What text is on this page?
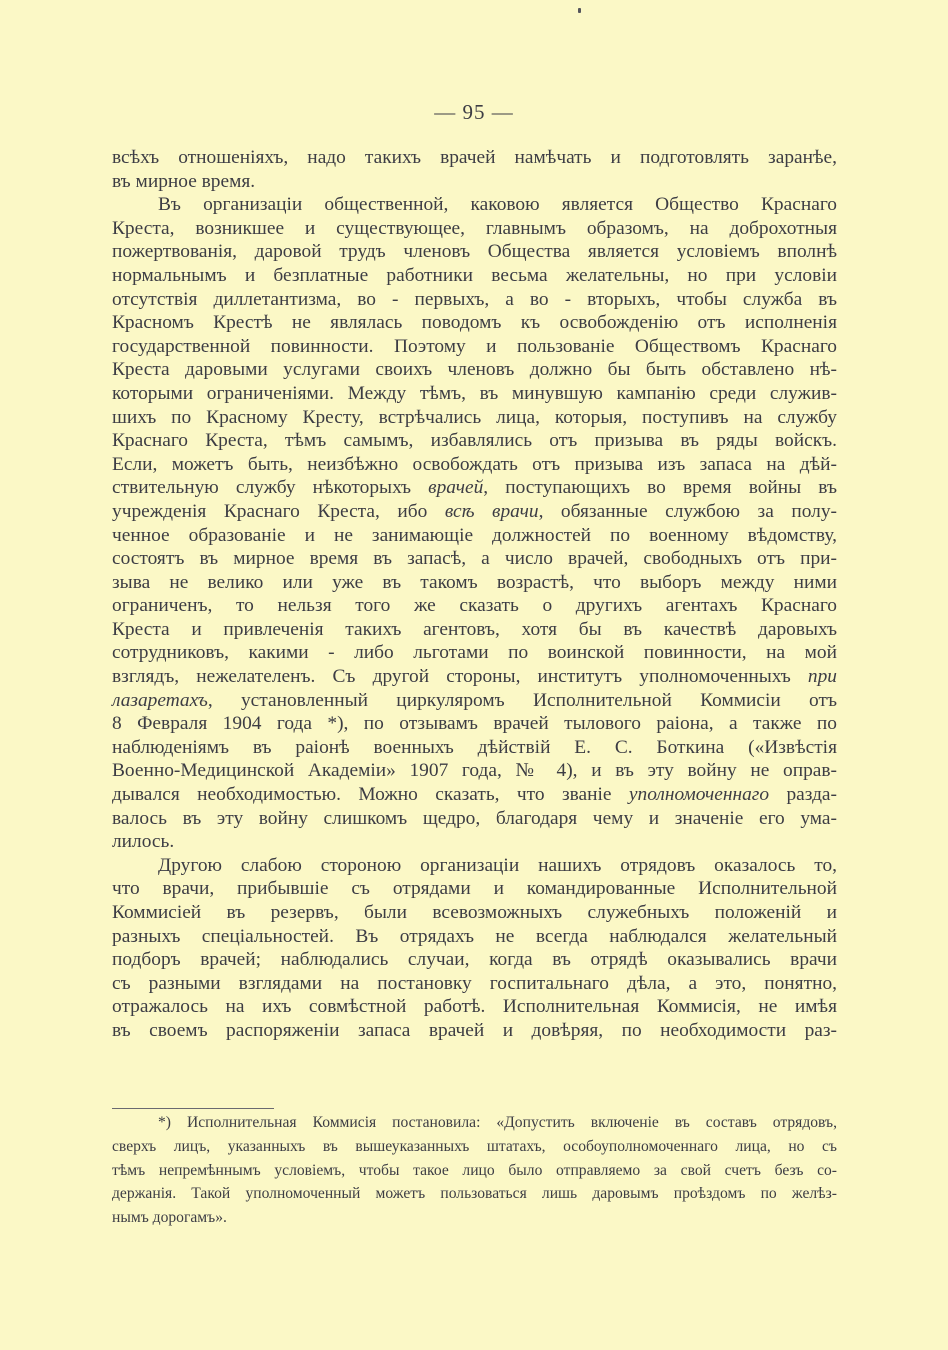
— 95 —
всѣхъ отношеніяхъ, надо такихъ врачей намѣчать и подготовлять заранѣе,
въ мирное время.
Въ организаціи общественной, каковою является Общество Краснаго
Креста, возникшее и существующее, главнымъ образомъ, на доброхотныя
пожертвованія, даровой трудъ членовъ Общества является условіемъ вполнѣ
нормальнымъ и безплатные работники весьма желательны, но при условіи
отсутствія диллетантизма, во - первыхъ, а во - вторыхъ, чтобы служба въ
Красномъ Крестѣ не являлась поводомъ къ освобожденію отъ исполненія
государственной повинности. Поэтому и пользованіе Обществомъ Краснаго
Креста даровыми услугами своихъ членовъ должно бы быть обставлено нѣ-
которыми ограниченіями. Между тѣмъ, въ минувшую кампанію среди служив-
шихъ по Красному Кресту, встрѣчались лица, которыя, поступивъ на службу
Краснаго Креста, тѣмъ самымъ, избавлялись отъ призыва въ ряды войскъ.
Если, можетъ быть, неизбѣжно освобождать отъ призыва изъ запаса на дѣй-
ствительную службу нѣкоторыхъ врачей, поступающихъ во время войны въ
учрежденія Краснаго Креста, ибо всѣ врачи, обязанные службою за полу-
ченное образованіе и не занимающіе должностей по военному вѣдомству,
состоятъ въ мирное время въ запасѣ, а число врачей, свободныхъ отъ при-
зыва не велико или уже въ такомъ возрастѣ, что выборъ между ними
ограниченъ, то нельзя того же сказать о другихъ агентахъ Краснаго
Креста и привлеченія такихъ агентовъ, хотя бы въ качествѣ даровыхъ
сотрудниковъ, какими - либо льготами по воинской повинности, на мой
взглядъ, нежелателенъ. Съ другой стороны, институтъ уполномоченныхъ при
лазаретахъ, установленный циркуляромъ Исполнительной Коммисіи отъ
8 Февраля 1904 года *), по отзывамъ врачей тылового раіона, а также по
наблюденіямъ въ раіонѣ военныхъ дѣйствій Е. С. Боткина («Извѣстія
Военно-Медицинской Академіи» 1907 года, № 4), и въ эту войну не оправ-
дывался необходимостью. Можно сказать, что званіе уполномоченнаго разда-
валось въ эту войну слишкомъ щедро, благодаря чему и значеніе его ума-
лилось.
Другою слабою стороною организаціи нашихъ отрядовъ оказалось то,
что врачи, прибывшіе съ отрядами и командированные Исполнительной
Коммисіей въ резервъ, были всевозможныхъ служебныхъ положеній и
разныхъ спеціальностей. Въ отрядахъ не всегда наблюдался желательный
подборъ врачей; наблюдались случаи, когда въ отрядѣ оказывались врачи
съ разными взглядами на постановку госпитальнаго дѣла, а это, понятно,
отражалось на ихъ совмѣстной работѣ. Исполнительная Коммисія, не имѣя
въ своемъ распоряженіи запаса врачей и довѣряя, по необходимости раз-
*) Исполнительная Коммисія постановила: «Допустить включеніе въ составъ отрядовъ,
сверхъ лицъ, указанныхъ въ вышеуказанныхъ штатахъ, особоуполномоченнаго лица, но съ
тѣмъ непремѣннымъ условіемъ, чтобы такое лицо было отправляемо за свой счетъ безъ со-
держанія. Такой уполномоченный можетъ пользоваться лишь даровымъ проѣздомъ по желѣз-
нымъ дорогамъ».
